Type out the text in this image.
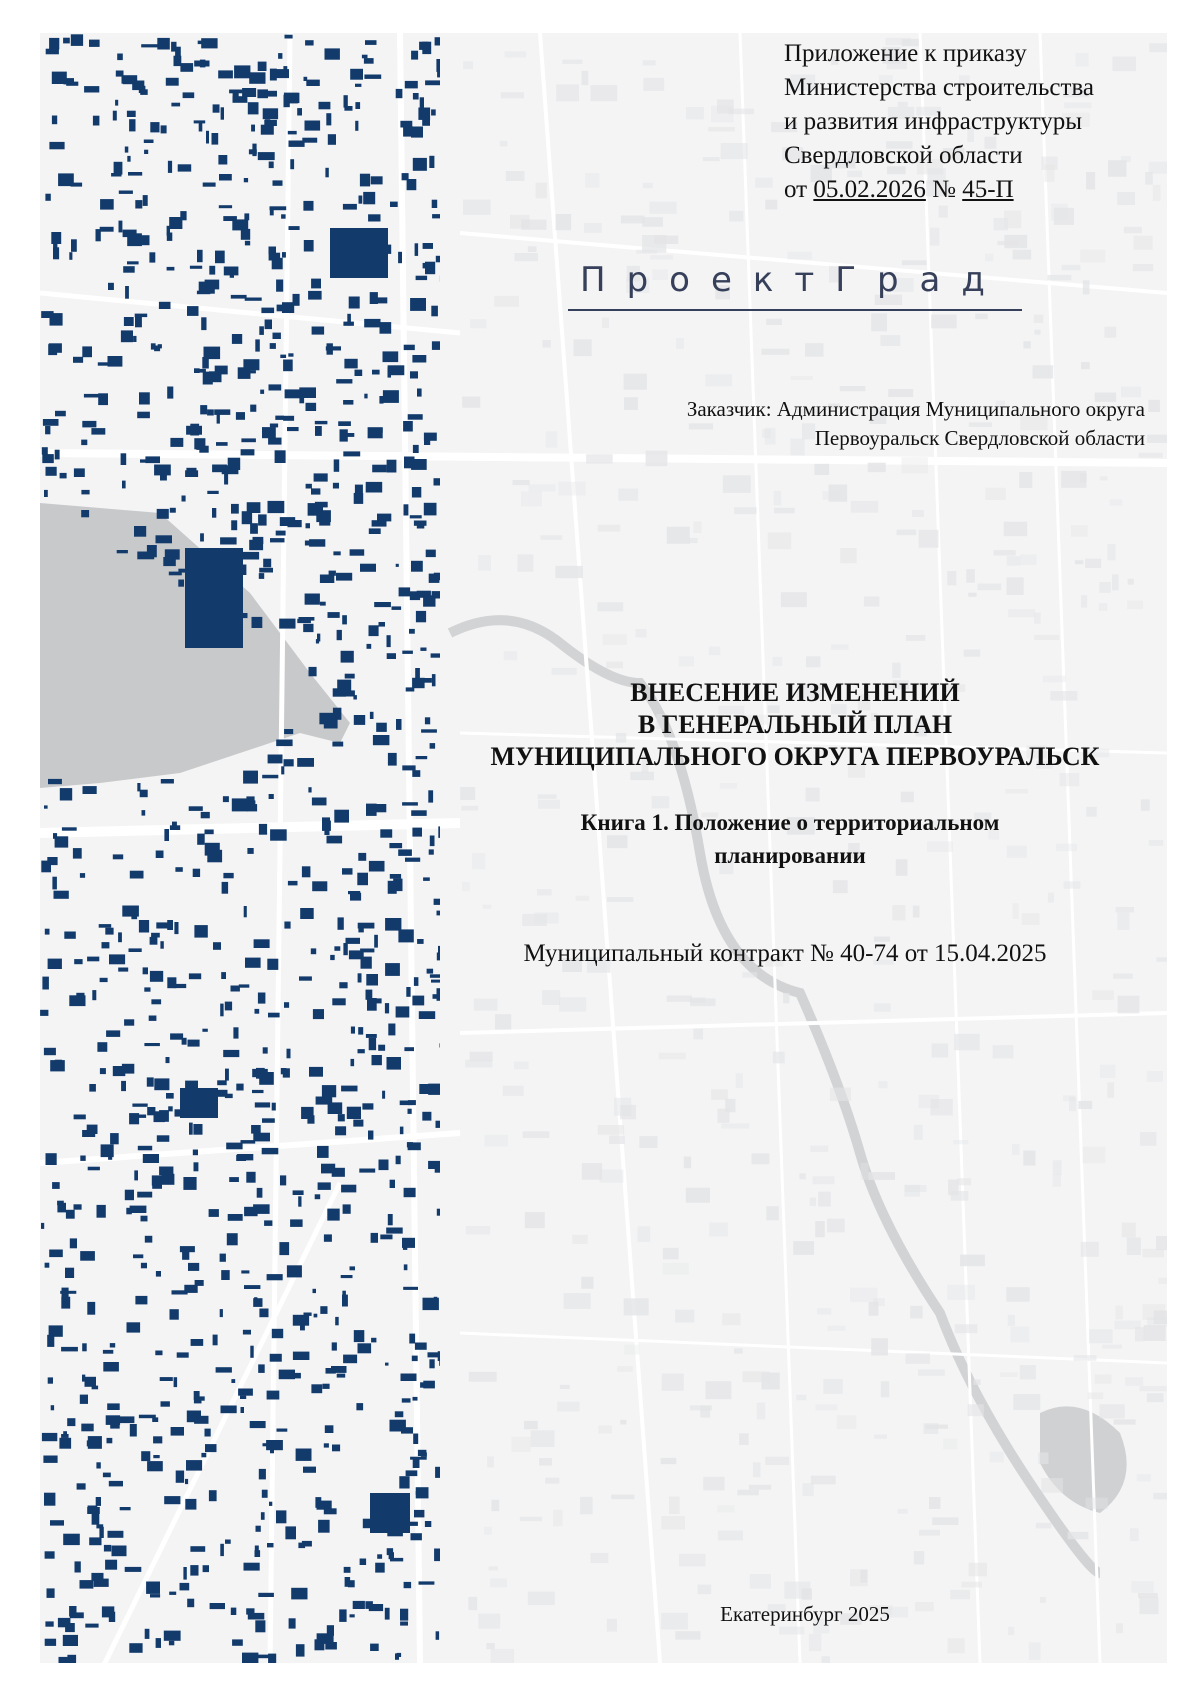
Приложение к приказу
Министерства строительства
и развития инфраструктуры
Свердловской области
от 05.02.2026 № 45-П
ПроектГрад
Заказчик: Администрация Муниципального округа
Первоуральск Свердловской области
ВНЕСЕНИЕ ИЗМЕНЕНИЙ
В ГЕНЕРАЛЬНЫЙ ПЛАН
МУНИЦИПАЛЬНОГО ОКРУГА ПЕРВОУРАЛЬСК
Книга 1. Положение о территориальном
планировании
Муниципальный контракт № 40-74 от 15.04.2025
Екатеринбург 2025
